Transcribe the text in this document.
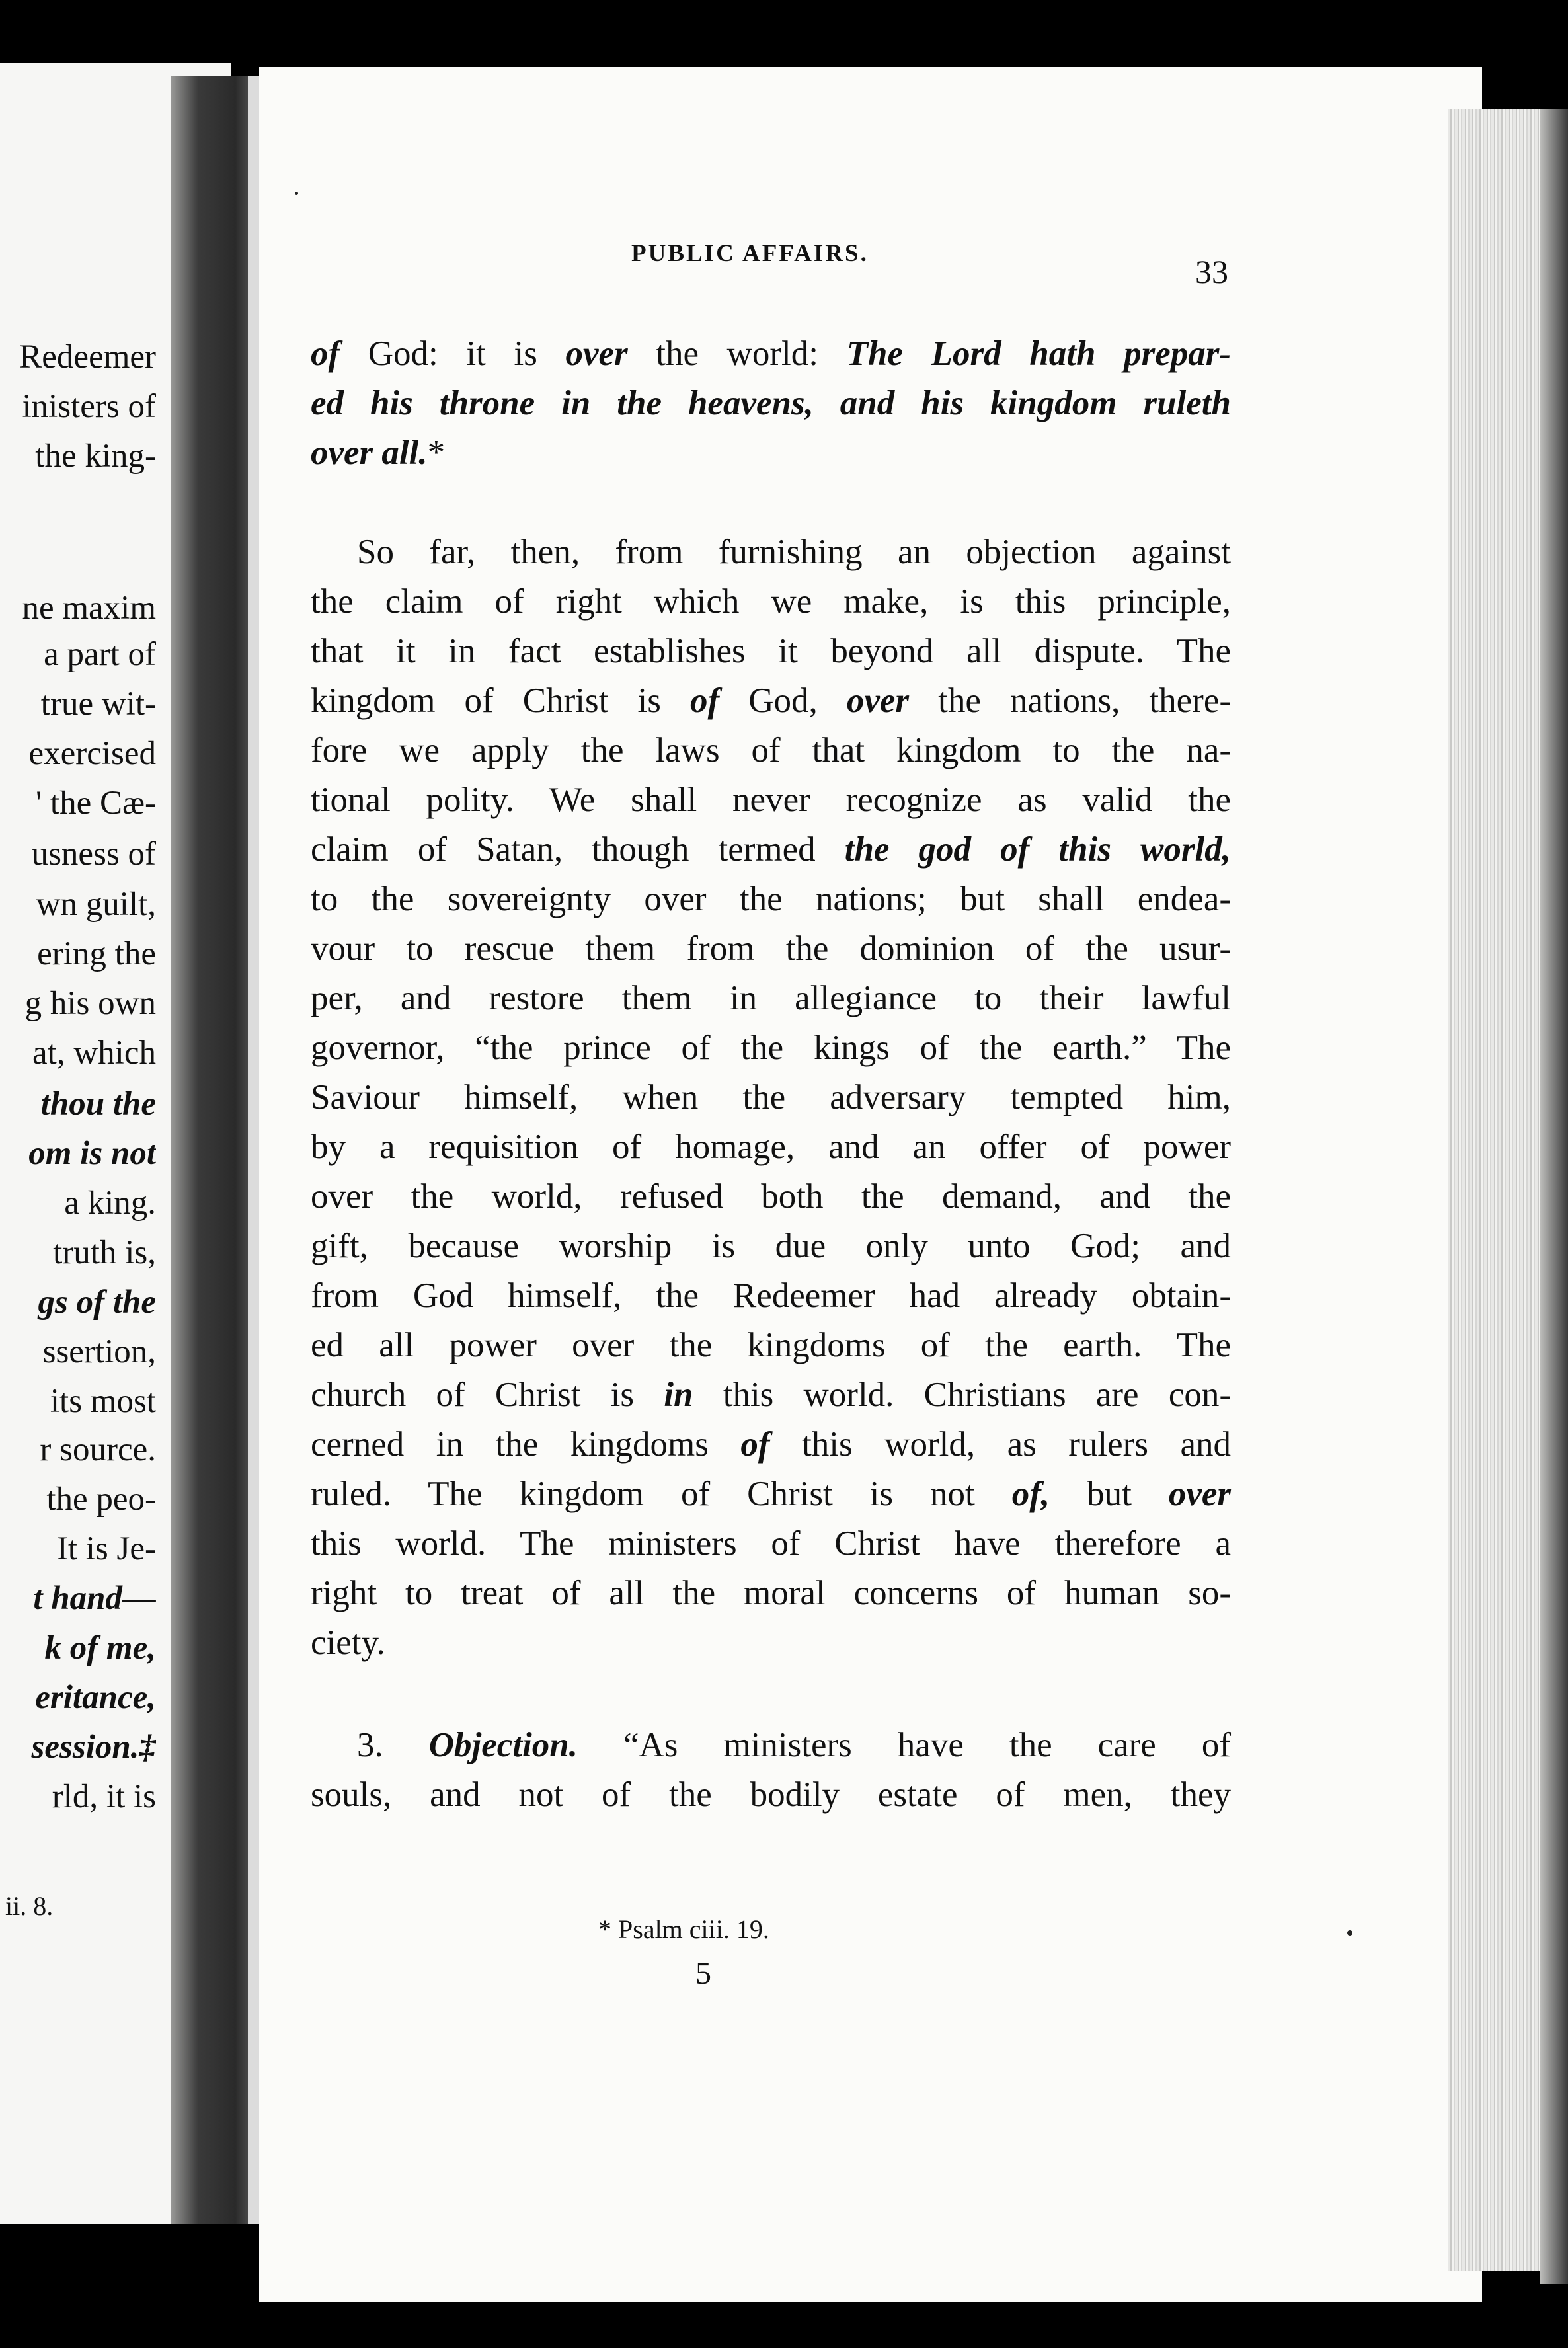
Redeemer
inisters of
the king-
ne maxim
a part of
true wit-
exercised
' the Cæ-
usness of
wn guilt,
ering the
g his own
at, which
thou the
om is not
a king.
truth is,
gs of the
ssertion,
its most
r source.
the peo-
It is Je-
t hand—
k of me,
eritance,
session.‡
rld, it is
ii. 8.
PUBLIC AFFAIRS.	33
of God: it is over the world: The Lord hath prepar-
ed his throne in the heavens, and his kingdom ruleth
over all.*
So far, then, from furnishing an objection against
the claim of right which we make, is this principle,
that it in fact establishes it beyond all dispute. The
kingdom of Christ is of God, over the nations, there-
fore we apply the laws of that kingdom to the na-
tional polity. We shall never recognize as valid the
claim of Satan, though termed the god of this world,
to the sovereignty over the nations; but shall endea-
vour to rescue them from the dominion of the usur-
per, and restore them in allegiance to their lawful
governor, “the prince of the kings of the earth.” The
Saviour himself, when the adversary tempted him,
by a requisition of homage, and an offer of power
over the world, refused both the demand, and the
gift, because worship is due only unto God; and
from God himself, the Redeemer had already obtain-
ed all power over the kingdoms of the earth. The
church of Christ is in this world. Christians are con-
cerned in the kingdoms of this world, as rulers and
ruled. The kingdom of Christ is not of, but over
this world. The ministers of Christ have therefore a
right to treat of all the moral concerns of human so-
ciety.
3. Objection. “As ministers have the care of
souls, and not of the bodily estate of men, they
* Psalm ciii. 19.
5
